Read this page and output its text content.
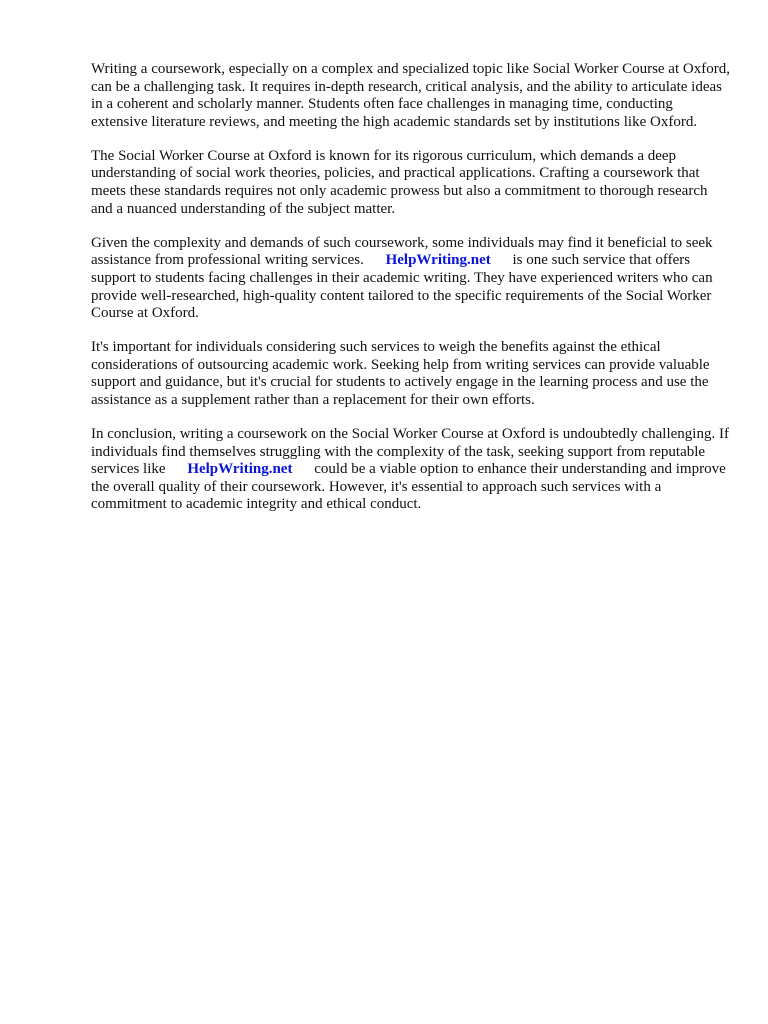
Writing a coursework, especially on a complex and specialized topic like Social Worker Course at Oxford, can be a challenging task. It requires in-depth research, critical analysis, and the ability to articulate ideas in a coherent and scholarly manner. Students often face challenges in managing time, conducting extensive literature reviews, and meeting the high academic standards set by institutions like Oxford.

The Social Worker Course at Oxford is known for its rigorous curriculum, which demands a deep understanding of social work theories, policies, and practical applications. Crafting a coursework that meets these standards requires not only academic prowess but also a commitment to thorough research and a nuanced understanding of the subject matter.

Given the complexity and demands of such coursework, some individuals may find it beneficial to seek assistance from professional writing services. HelpWriting.net is one such service that offers support to students facing challenges in their academic writing. They have experienced writers who can provide well-researched, high-quality content tailored to the specific requirements of the Social Worker Course at Oxford.

It's important for individuals considering such services to weigh the benefits against the ethical considerations of outsourcing academic work. Seeking help from writing services can provide valuable support and guidance, but it's crucial for students to actively engage in the learning process and use the assistance as a supplement rather than a replacement for their own efforts.

In conclusion, writing a coursework on the Social Worker Course at Oxford is undoubtedly challenging. If individuals find themselves struggling with the complexity of the task, seeking support from reputable services like HelpWriting.net could be a viable option to enhance their understanding and improve the overall quality of their coursework. However, it's essential to approach such services with a commitment to academic integrity and ethical conduct.
